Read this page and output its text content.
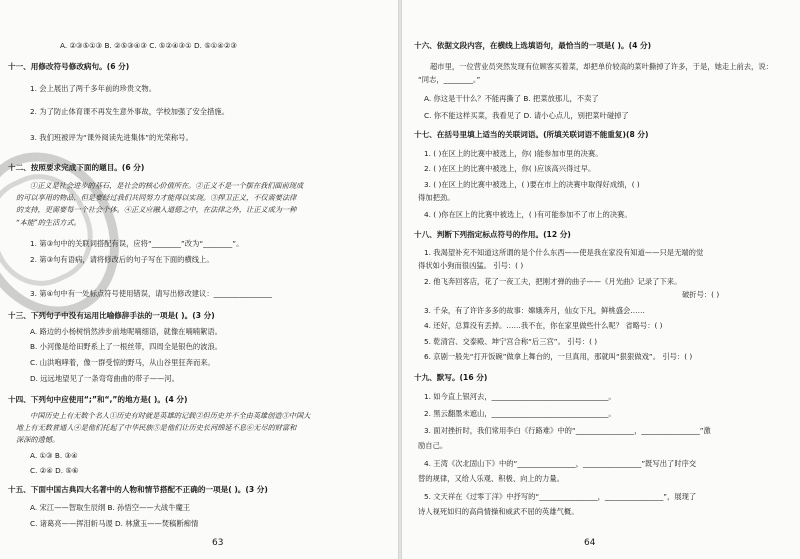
A. ②③⑤①③ B. ②⑤③④③ C. ⑤②④③① D. ⑤①④②③
十一、用修改符号修改病句。(6 分)
1. 会上展出了两千多年前的珍贵文物。
2. 为了防止体育课不再发生意外事故，学校加强了安全措施。
3. 我们班被评为“课外阅读先进集体”的光荣称号。
十二、按照要求完成下面的题目。(6 分)
①正义是社会进步的基石，是社会的核心价值所在。②正义不是一个摆在我们面前现成
的可以享用的物品，但是要经过我们共同努力才能得以实现。③捍卫正义，不仅需要法律
的支持，更需要每一个社会个体。④正义应融入道德之中，在法律之外，让正义成为一种
“本能”的生活方式。
1. 第③句中的关联词搭配有误，应将“________”改为“________”。
2. 第③句有语病，请将修改后的句子写在下面的横线上。
3. 第④句中有一处标点符号使用错误，请写出修改建议：________________
十三、下列句子中没有运用比喻修辞手法的一项是( )。(3 分)
A. 路边的小杨树悄然涉步前地呢喃细语，就像在喃喃絮语。
B. 小河像是给田野系上了一根丝带，四周全是银色的波浪。
C. 山洪咆哮着，像一群受惊的野马，从山谷里狂奔而来。
D. 远远地望见了一条弯弯曲曲的带子——河。
十四、下列句中应使用“;”和“,”的地方是( )。(4 分)
中国历史上有无数个名人①历史有时就是英雄的记载②但历史并不全由英雄创造③中国大
地上有无数普通人④是他们托起了中华民族⑤是他们让历史长河绵延不息⑥无尽的财富和
深深的遗憾。
A. ①③ B. ③④
C. ②④ D. ⑤⑥
十五、下面中国古典四大名著中的人物和情节搭配不正确的一项是( )。(3 分)
A. 宋江——智取生辰纲 B. 孙悟空——大战牛魔王
C. 诸葛亮——挥泪斩马谡 D. 林黛玉——焚稿断痴情
63
十六、依据文段内容，在横线上选填语句，最恰当的一项是( )。(4 分)
超市里，一位营业员突然发现有位顾客买着菜，却把单价较高的菜叶撕掉了许多，于是，她走上前去，说：
“同志，________。”
A. 你这是干什么？不能再撕了 B. 把菜放那儿，不卖了
C. 你不能这样买菜，我看见了 D. 请小心点儿，别把菜叶碰掉了
十七、在括号里填上适当的关联词语。(所填关联词语不能重复)(8 分)
1. ( )在区上的比赛中被选上，你( )能参加市里的决赛。
2. ( )在区上的比赛中被选上，你( )应该高兴得过早。
3. ( )在区上的比赛中被选上，( )要在市上的决赛中取得好成绩，( )
得加把劲。
4. ( )你在区上的比赛中被选上，( )有可能参加不了市上的决赛。
十八、判断下列指定标点符号的作用。(12 分)
1. 我渴望补充不知道这所谓的是个什么东西——使是我在家没有知道——只是无端的觉
得状如小狗而很凶猛。 引号：( )
2. 他飞奔回客店，花了一夜工夫，把刚才弹的曲子——《月光曲》记录了下来。
破折号：( )
3. 千朵，有了许许多多的故事：嫦娥奔月，仙女下凡，鲜桃盛会……
4. 还好，总算没有丢掉。……我不在，你在家里做些什么呢？ 省略号：( )
5. 乾清宫、交泰殿、坤宁宫合称“后三宫”。 引号：( )
6. 京剧一般先“打开饭碗”做拿上舞台的，一旦真用，那就叫“狠狠做戏”。 引号：( )
十九、默写。(16 分)
1. 如今直上银河去，________________________________。
2. 黑云翻墨未遮山，________________________________。
3. 面对挫折时，我们常用李白《行路难》中的“________________，________________”激
励自己。
4. 王湾《次北固山下》中的“________________，________________”既写出了时序交
替的规律，又给人乐观、积极、向上的力量。
5. 文天祥在《过零丁洋》中抒写的“________________，________________”，展现了
诗人视死如归的高尚情操和威武不屈的英雄气概。
64
